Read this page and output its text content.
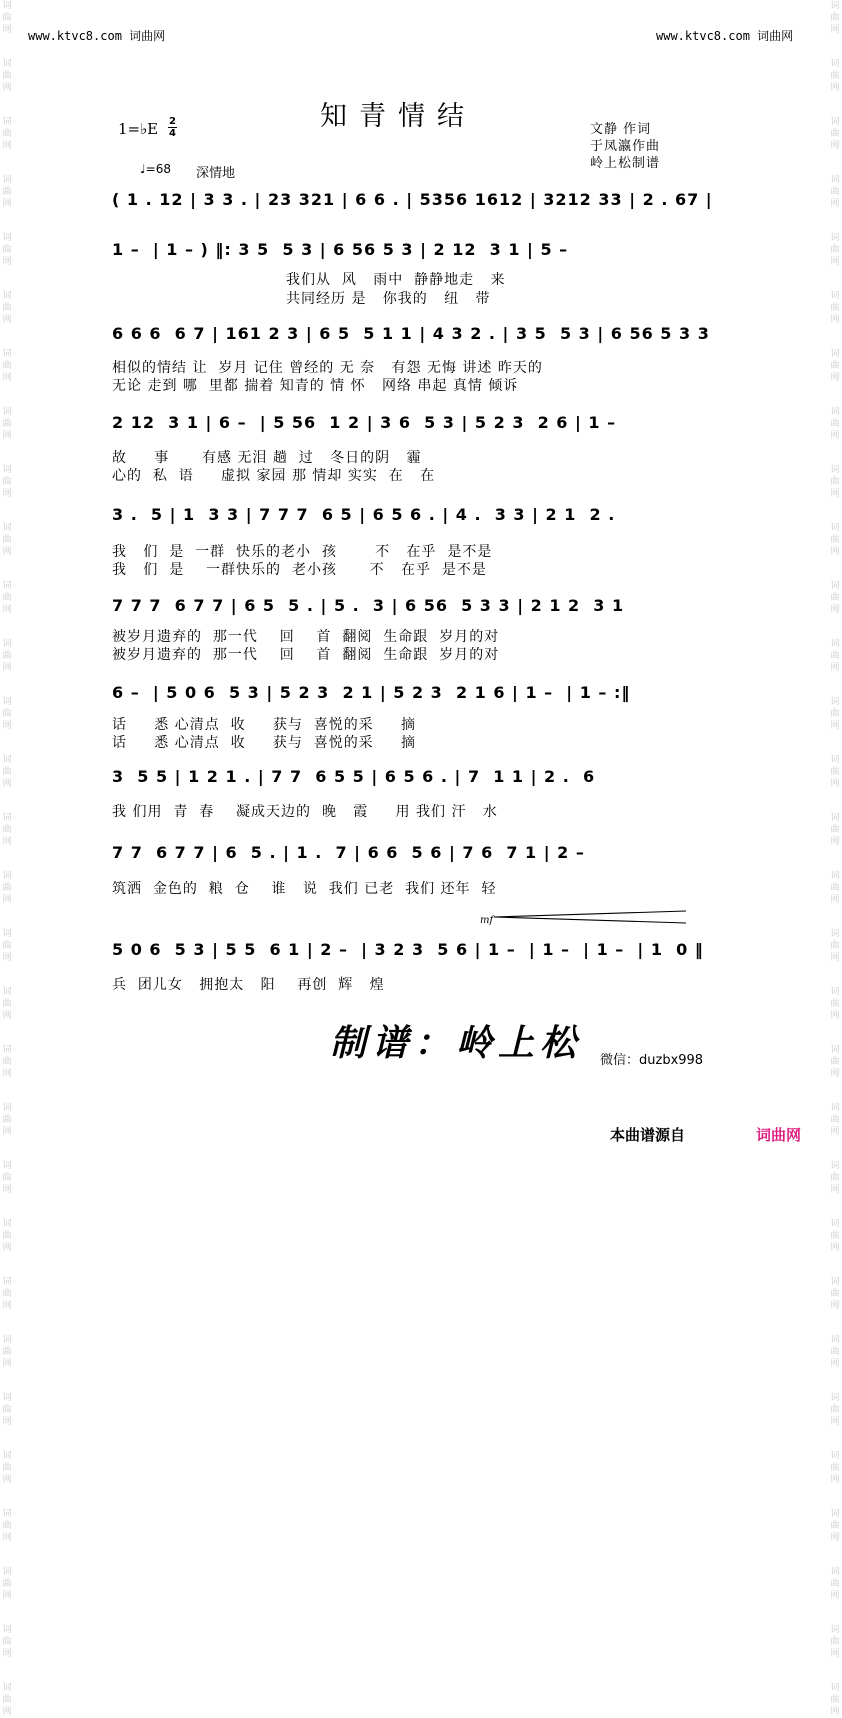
词
曲
网
词
曲
网
词
曲
网
词
曲
网
词
曲
网
词
曲
网
词
曲
网
词
曲
网
词
曲
网
词
曲
网
词
曲
网
词
曲
网
词
曲
网
词
曲
网
词
曲
网
词
曲
网
词
曲
网
词
曲
网
词
曲
网
词
曲
网
词
曲
网
词
曲
网
词
曲
网
词
曲
网
词
曲
网
词
曲
网
词
曲
网
词
曲
网
词
曲
网
词
曲
网
词
曲
网
词
曲
网
词
曲
网
词
曲
网
词
曲
网
词
曲
网
词
曲
网
词
曲
网
词
曲
网
词
曲
网
词
曲
网
词
曲
网
词
曲
网
词
曲
网
词
曲
网
词
曲
网
词
曲
网
词
曲
网
词
曲
网
词
曲
网
词
曲
网
词
曲
网
词
曲
网
词
曲
网
词
曲
网
词
曲
网
词
曲
网
词
曲
网
词
曲
网
词
曲
网
www.ktvc8.com 词曲网	www.ktvc8.com 词曲网
知青情结	文静 作词
于凤瀛作曲
岭上松制谱
1=♭E 2
4
♩=68 深情地
( 1 . 12 | 3 3 . | 23 321 | 6 6 . | 5356 1612 | 3212 33 | 2 . 67 |
1 –  | 1 – ) ‖: 3 5  5 3 | 6 56 5 3 | 2 12  3 1 | 5 –
我们从  风   雨中  静静地走   来
共同经历 是   你我的   纽   带
6 6 6  6 7 | 161 2 3 | 6 5  5 1 1 | 4 3 2 . | 3 5  5 3 | 6 56 5 3 3
相似的情结 让  岁月 记住 曾经的 无 奈   有怨 无悔 讲述 昨天的
无论 走到 哪  里都 揣着 知青的 情 怀   网络 串起 真情 倾诉
2 12  3 1 | 6 –  | 5 56  1 2 | 3 6  5 3 | 5 2 3  2 6 | 1 –
故     事      有感 无泪 趟  过   冬日的阴   霾
心的  私  语     虚拟 家园 那 情却 实实  在   在
3 .  5 | 1  3 3 | 7 7 7  6 5 | 6 5 6 . | 4 .  3 3 | 2 1  2 .
我   们  是  一群  快乐的老小  孩       不   在乎  是不是
我   们  是    一群快乐的  老小孩      不   在乎  是不是
7 7 7  6 7 7 | 6 5  5 . | 5 .  3 | 6 56  5 3 3 | 2 1 2  3 1
被岁月遗弃的  那一代    回    首  翻阅  生命跟  岁月的对
被岁月遗弃的  那一代    回    首  翻阅  生命跟  岁月的对
6 –  | 5 0 6  5 3 | 5 2 3  2 1 | 5 2 3  2 1 6 | 1 –  | 1 – :‖
话     悉 心清点  收     获与  喜悦的采     摘
话     悉 心清点  收     获与  喜悦的采     摘
3  5 5 | 1 2 1 . | 7 7  6 5 5 | 6 5 6 . | 7  1 1 | 2 .  6
我 们用  青  春    凝成天边的  晚   霞     用 我们 汗   水
7 7  6 7 7 | 6  5 . | 1 .  7 | 6 6  5 6 | 7 6  7 1 | 2 –
筑洒  金色的  粮  仓    谁   说  我们 已老  我们 还年  轻
mf
5 0 6  5 3 | 5 5  6 1 | 2 –  | 3 2 3  5 6 | 1 –  | 1 –  | 1 –  | 1  0 ‖
兵  团儿女   拥抱太   阳    再创  辉   煌
制谱：岭上松 微信：duzbx998
本曲谱源自	词曲网
